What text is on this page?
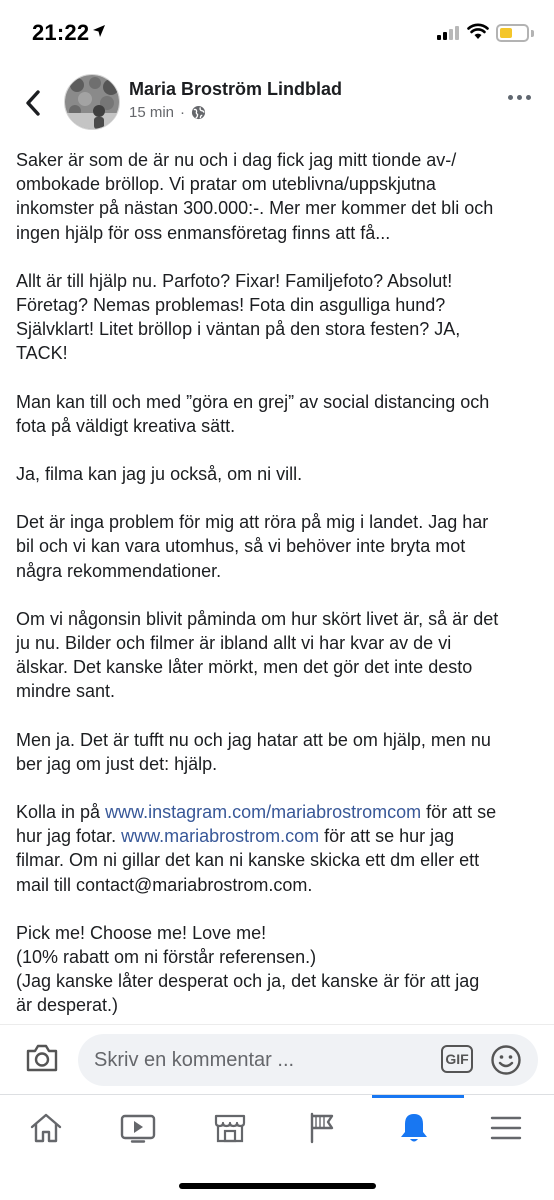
21:22
Maria Broström Lindblad
15 min ·

Saker är som de är nu och i dag fick jag mitt tionde av-/
ombokade bröllop. Vi pratar om uteblivna/uppskjutna
inkomster på nästan 300.000:-. Mer mer kommer det bli och
ingen hjälp för oss enmansföretag finns att få...

Allt är till hjälp nu. Parfoto? Fixar! Familjefoto? Absolut!
Företag? Nemas problemas! Fota din asgulliga hund?
Självklart! Litet bröllop i väntan på den stora festen? JA,
TACK!

Man kan till och med ”göra en grej” av social distancing och
fota på väldigt kreativa sätt.

Ja, filma kan jag ju också, om ni vill.

Det är inga problem för mig att röra på mig i landet. Jag har
bil och vi kan vara utomhus, så vi behöver inte bryta mot
några rekommendationer.

Om vi någonsin blivit påminda om hur skört livet är, så är det
ju nu. Bilder och filmer är ibland allt vi har kvar av de vi
älskar. Det kanske låter mörkt, men det gör det inte desto
mindre sant.

Men ja. Det är tufft nu och jag hatar att be om hjälp, men nu
ber jag om just det: hjälp.

Kolla in på www.instagram.com/mariabrostromcom för att se
hur jag fotar. www.mariabrostrom.com för att se hur jag
filmar. Om ni gillar det kan ni kanske skicka ett dm eller ett
mail till contact@mariabrostrom.com.

Pick me! Choose me! Love me!
(10% rabatt om ni förstår referensen.)
(Jag kanske låter desperat och ja, det kanske är för att jag
är desperat.)

Skriv en kommentar ...	GIF
